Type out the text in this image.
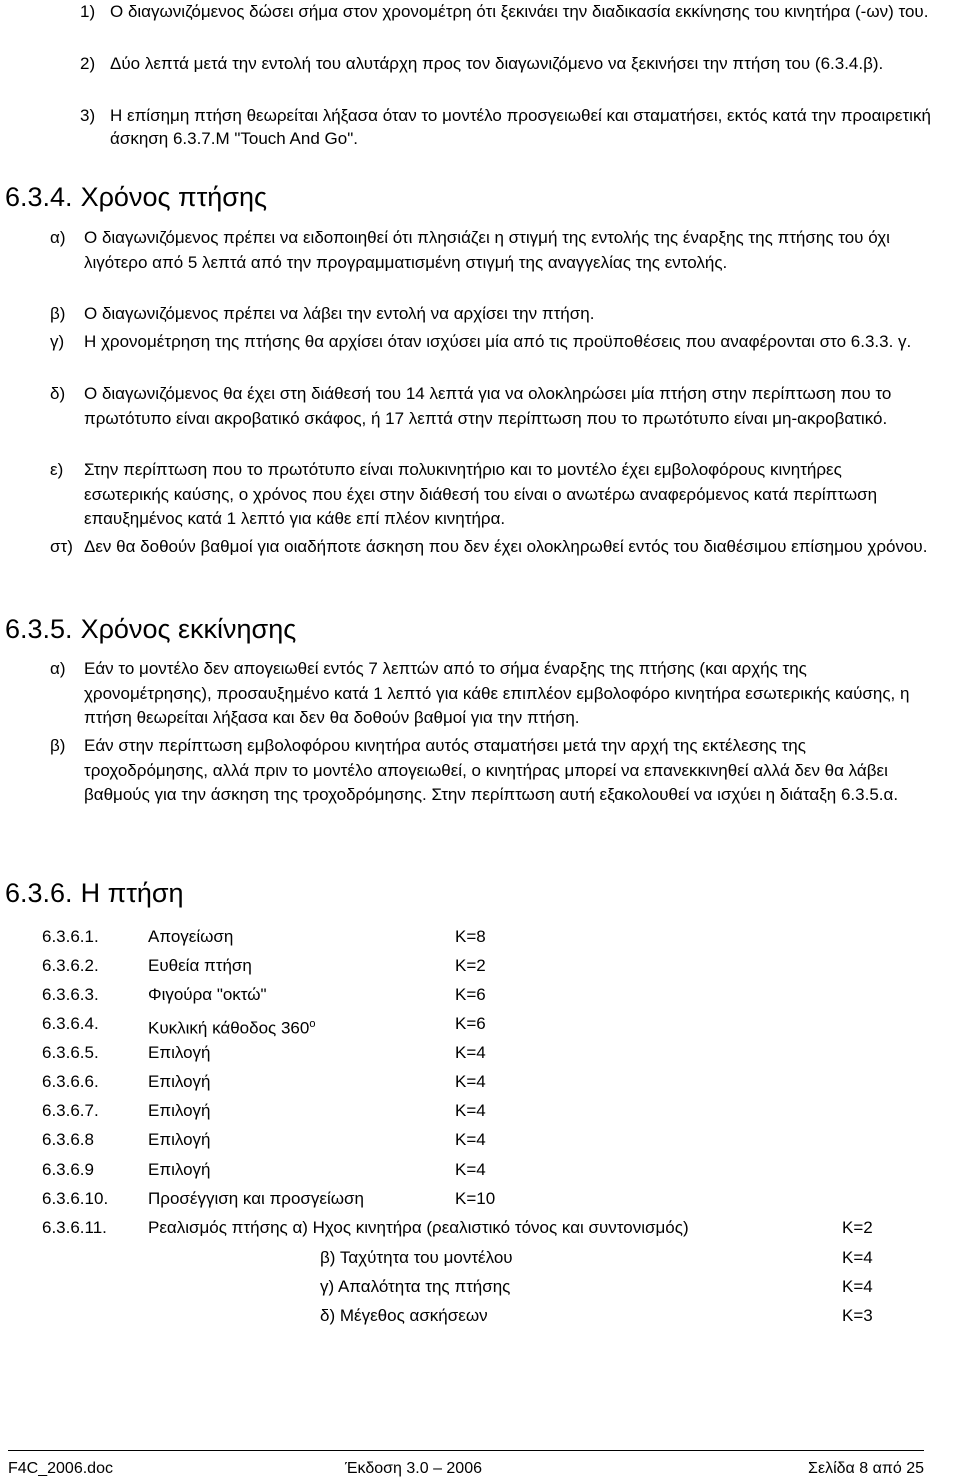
1) Ο διαγωνιζόμενος δώσει σήμα στον χρονομέτρη ότι ξεκινάει την διαδικασία εκκίνησης του κινητήρα (-ων) του.
2) Δύο λεπτά μετά την εντολή του αλυτάρχη προς τον διαγωνιζόμενο να ξεκινήσει την πτήση του (6.3.4.β).
3) Η επίσημη πτήση θεωρείται λήξασα όταν το μοντέλο προσγειωθεί και σταματήσει, εκτός κατά την προαιρετική άσκηση 6.3.7.M "Touch And Go".
6.3.4. Χρόνος πτήσης
α) Ο διαγωνιζόμενος πρέπει να ειδοποιηθεί ότι πλησιάζει η στιγμή της εντολής της έναρξης της πτήσης του όχι λιγότερο από 5 λεπτά από την προγραμματισμένη στιγμή της αναγγελίας της εντολής.
β) Ο διαγωνιζόμενος πρέπει να λάβει την εντολή να αρχίσει την πτήση.
γ) Η χρονομέτρηση της πτήσης θα αρχίσει όταν ισχύσει μία από τις προϋποθέσεις που αναφέρονται στο 6.3.3. γ.
δ) Ο διαγωνιζόμενος θα έχει στη διάθεσή του 14 λεπτά για να ολοκληρώσει μία πτήση στην περίπτωση που το πρωτότυπο είναι ακροβατικό σκάφος, ή 17 λεπτά στην περίπτωση που το πρωτότυπο είναι μη-ακροβατικό.
ε) Στην περίπτωση που το πρωτότυπο είναι πολυκινητήριο και το μοντέλο έχει εμβολοφόρους κινητήρες εσωτερικής καύσης, ο χρόνος που έχει στην διάθεσή του είναι ο ανωτέρω αναφερόμενος κατά περίπτωση επαυξημένος κατά 1 λεπτό για κάθε επί πλέον κινητήρα.
στ) Δεν θα δοθούν βαθμοί για οιαδήποτε άσκηση που δεν έχει ολοκληρωθεί εντός του διαθέσιμου επίσημου χρόνου.
6.3.5. Χρόνος εκκίνησης
α) Εάν το μοντέλο δεν απογειωθεί εντός 7 λεπτών από το σήμα έναρξης της πτήσης (και αρχής της χρονομέτρησης), προσαυξημένο κατά 1 λεπτό για κάθε επιπλέον εμβολοφόρο κινητήρα εσωτερικής καύσης, η πτήση θεωρείται λήξασα και δεν θα δοθούν βαθμοί για την πτήση.
β) Εάν στην περίπτωση εμβολοφόρου κινητήρα αυτός σταματήσει μετά την αρχή της εκτέλεσης της τροχοδρόμησης, αλλά πριν το μοντέλο απογειωθεί, ο κινητήρας μπορεί να επανεκκινηθεί αλλά δεν θα λάβει βαθμούς για την άσκηση της τροχοδρόμησης. Στην περίπτωση αυτή εξακολουθεί να ισχύει η διάταξη 6.3.5.α.
6.3.6. Η πτήση
6.3.6.1.	Απογείωση	K=8
6.3.6.2.	Ευθεία πτήση	K=2
6.3.6.3.	Φιγούρα "οκτώ"	K=6
6.3.6.4.	Κυκλική κάθοδος $360^o$	K=6
6.3.6.5.	Επιλογή	K=4
6.3.6.6.	Επιλογή	K=4
6.3.6.7.	Επιλογή	K=4
6.3.6.8	Επιλογή	K=4
6.3.6.9	Επιλογή	K=4
6.3.6.10. Προσέγγιση και προσγείωση	K=10
6.3.6.11. Ρεαλισμός πτήσης α) Ηχος κινητήρα (ρεαλιστικό τόνος και συντονισμός)	K=2
β) Ταχύτητα του μοντέλου	K=4
γ) Απαλότητα της πτήσης	K=4
δ) Μέγεθος ασκήσεων	K=3
F4C_2006.doc	Έκδοση 3.0 – 2006	Σελίδα 8 από 25
